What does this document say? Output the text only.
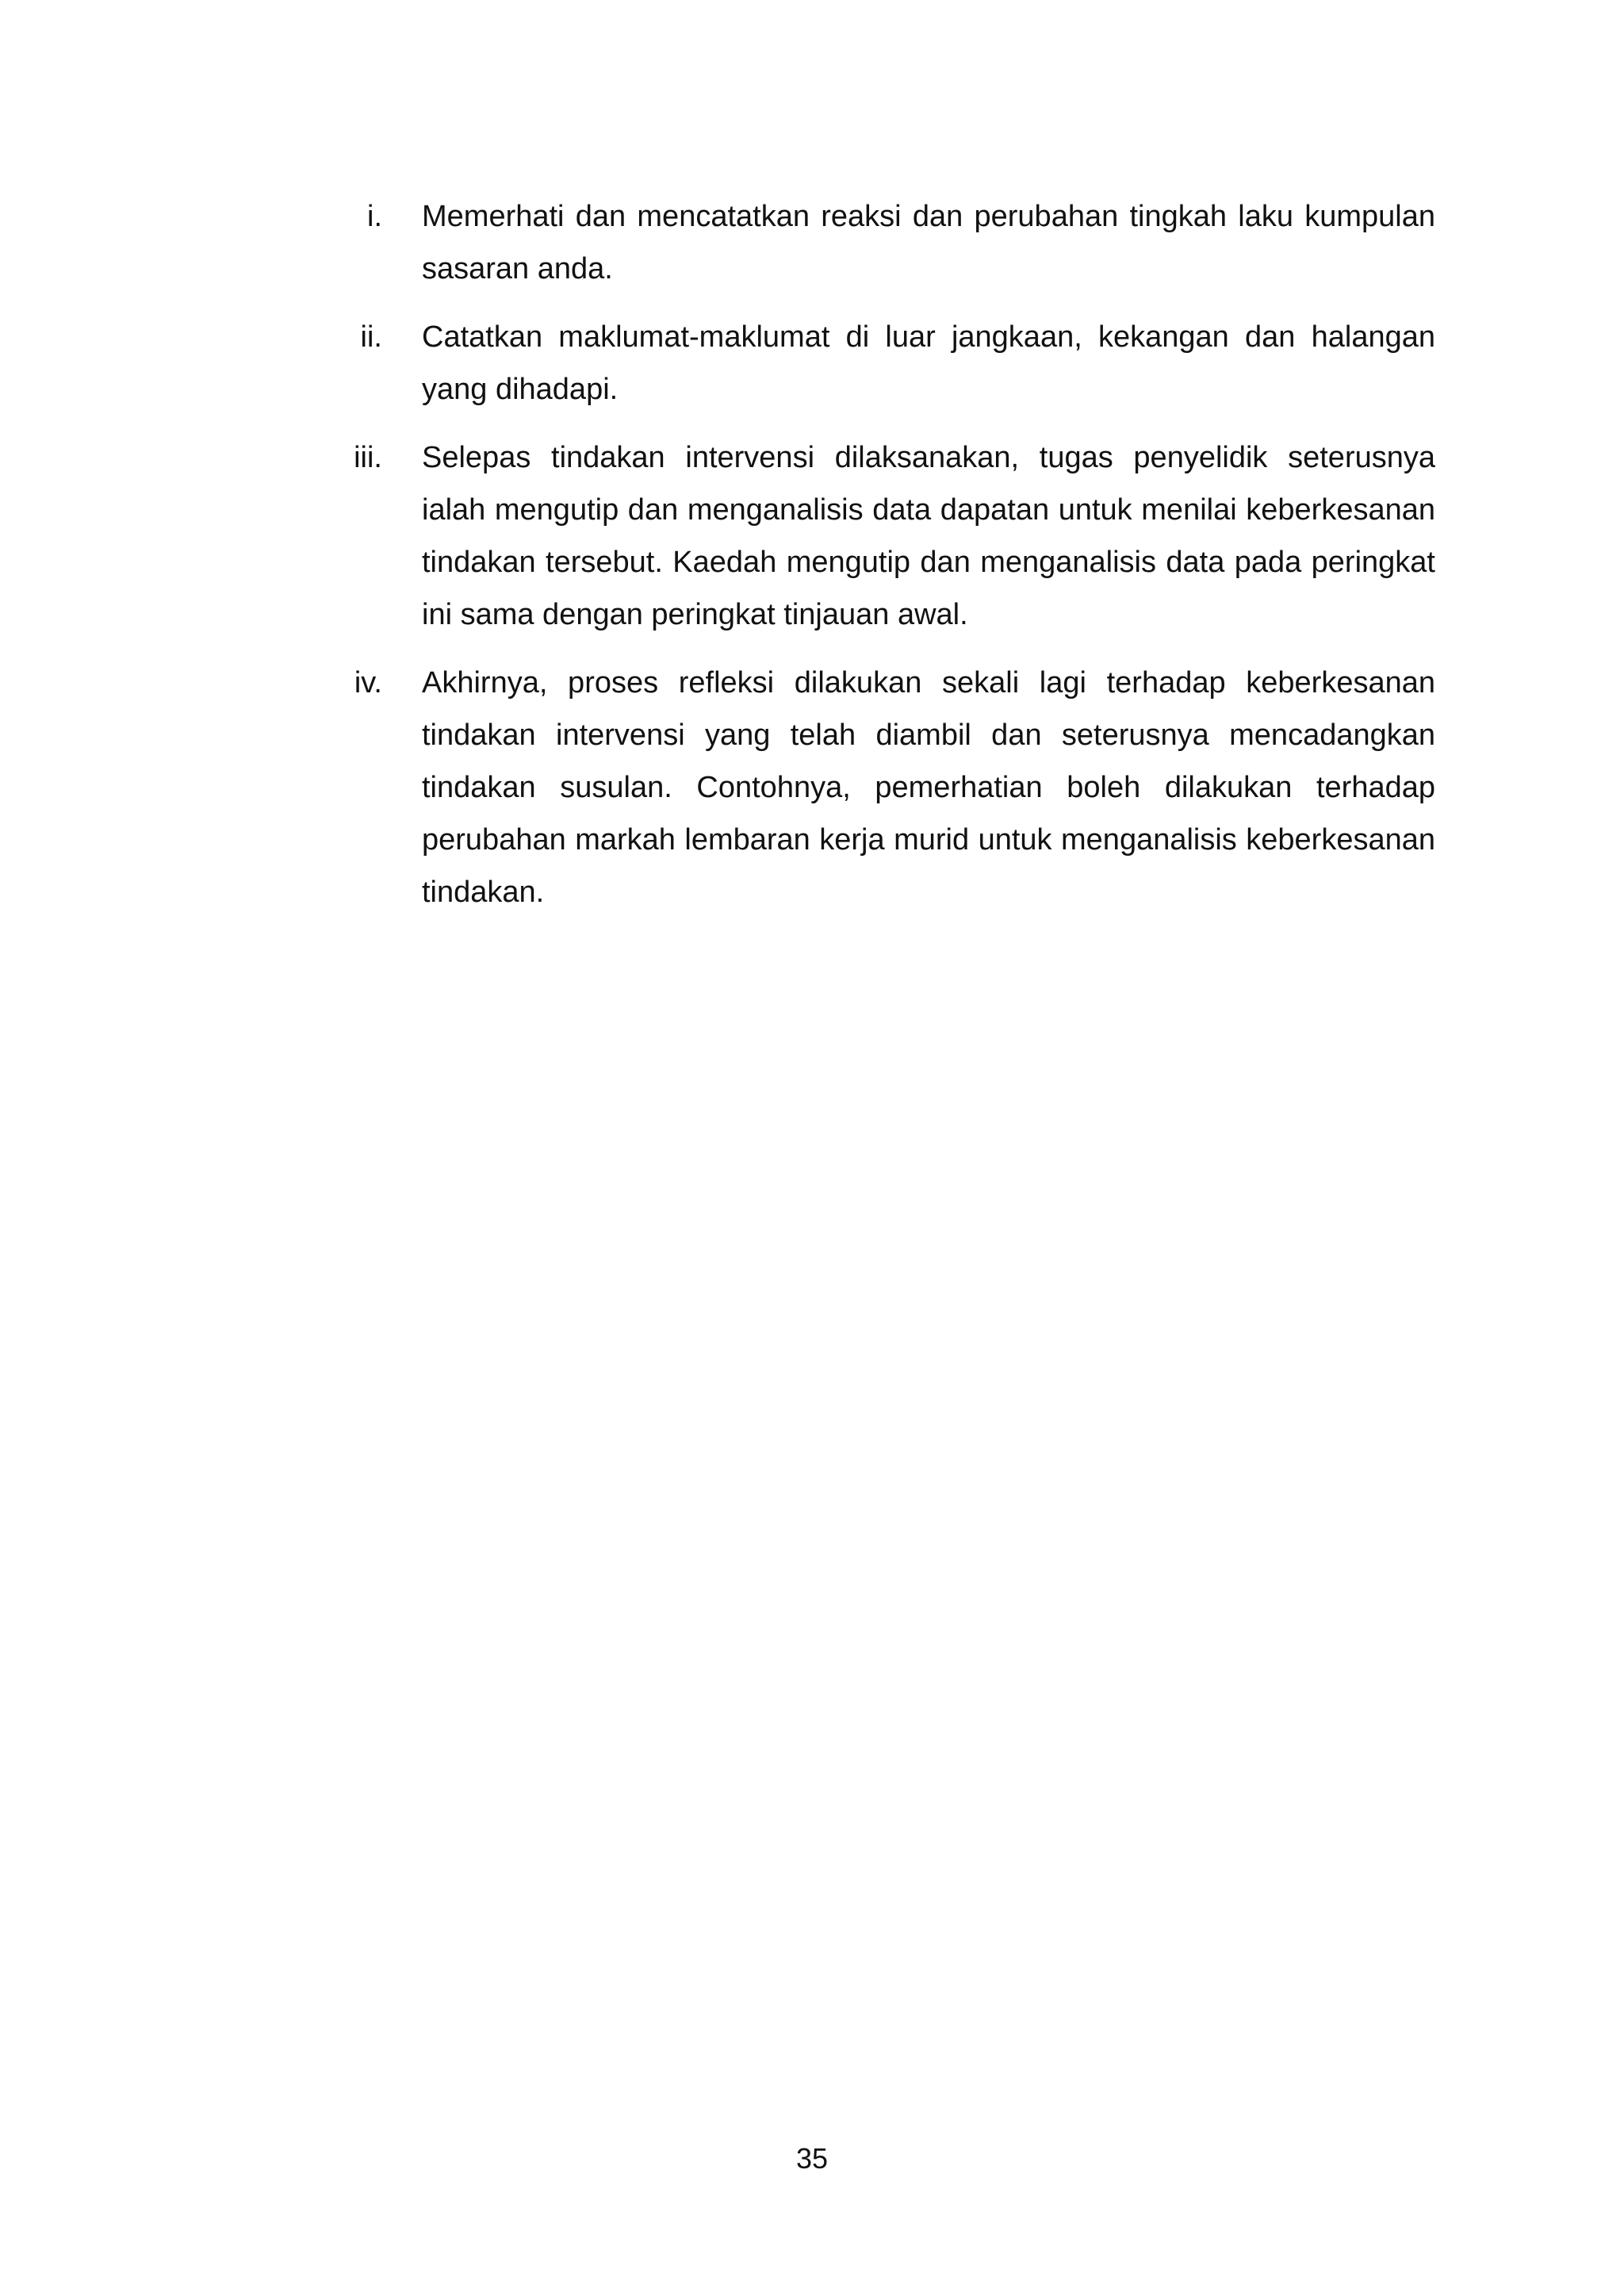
i.	Memerhati dan mencatatkan reaksi dan perubahan tingkah laku kumpulan sasaran anda.
ii.	Catatkan maklumat-maklumat di luar jangkaan, kekangan dan halangan yang dihadapi.
iii.	Selepas tindakan intervensi dilaksanakan, tugas penyelidik seterusnya ialah mengutip dan menganalisis data dapatan untuk menilai keberkesanan tindakan tersebut. Kaedah mengutip dan menganalisis data pada peringkat ini sama dengan peringkat tinjauan awal.
iv.	Akhirnya, proses refleksi dilakukan sekali lagi terhadap keberkesanan tindakan intervensi yang telah diambil dan seterusnya mencadangkan tindakan susulan. Contohnya, pemerhatian boleh dilakukan terhadap perubahan markah lembaran kerja murid untuk menganalisis keberkesanan tindakan.
35
